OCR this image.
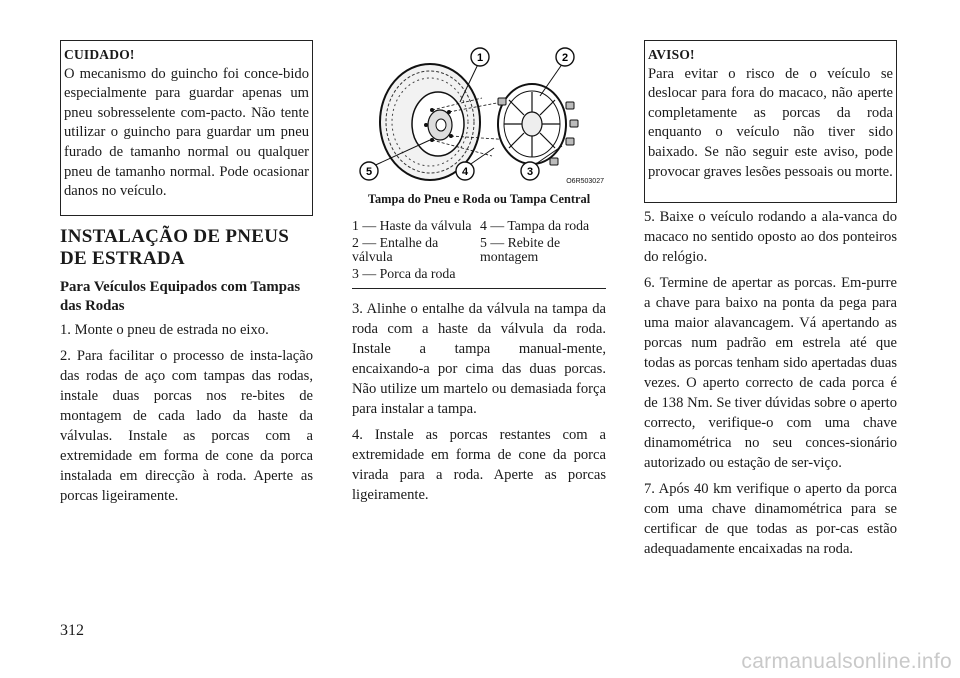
CUIDADO!
O mecanismo do guincho foi conce-bido especialmente para guardar apenas um pneu sobresselente com-pacto. Não tente utilizar o guincho para guardar um pneu furado de tamanho normal ou qualquer pneu de tamanho normal. Pode ocasionar danos no veículo.
INSTALAÇÃO DE PNEUS DE ESTRADA
Para Veículos Equipados com Tampas das Rodas

1. Monte o pneu de estrada no eixo.

2. Para facilitar o processo de insta-lação das rodas de aço com tampas das rodas, instale duas porcas nos re-bites de montagem de cada lado da haste da válvulas. Instale as porcas com a extremidade em forma de cone da porca instalada em direcção à roda. Aperte as porcas ligeiramente.

1	2
3
4
5
O6R503027
Tampa do Pneu e Roda ou Tampa Central
1 — Haste da válvula 4 — Tampa da roda
2 — Entalhe da válvula
5 — Rebite de montagem
3 — Porca da roda

3. Alinhe o entalhe da válvula na tampa da roda com a haste da válvula da roda. Instale a tampa manual-mente, encaixando-a por cima das duas porcas. Não utilize um martelo ou demasiada força para instalar a tampa.

4. Instale as porcas restantes com a extremidade em forma de cone da porca virada para a roda. Aperte as porcas ligeiramente.

AVISO!
Para evitar o risco de o veículo se deslocar para fora do macaco, não aperte completamente as porcas da roda enquanto o veículo não tiver sido baixado. Se não seguir este aviso, pode provocar graves lesões pessoais ou morte.

5. Baixe o veículo rodando a ala-vanca do macaco no sentido oposto ao dos ponteiros do relógio.

6. Termine de apertar as porcas. Em-purre a chave para baixo na ponta da pega para uma maior alavancagem. Vá apertando as porcas num padrão em estrela até que todas as porcas tenham sido apertadas duas vezes. O aperto correcto de cada porca é de 138 Nm. Se tiver dúvidas sobre o aperto correcto, verifique-o com uma chave dinamométrica no seu conces-sionário autorizado ou estação de ser-viço.

7. Após 40 km verifique o aperto da porca com uma chave dinamométrica para se certificar de que todas as por-cas estão adequadamente encaixadas na roda.

312
carmanualsonline.info
